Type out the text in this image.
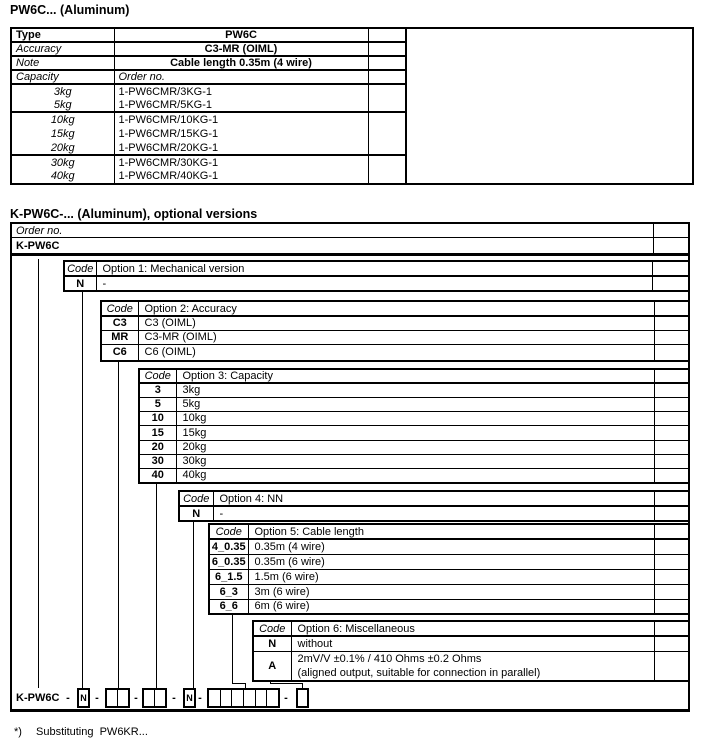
PW6C... (Aluminum)
Type	PW6C		
Accuracy	C3-MR (OIML)		
Note	Cable length 0.35m (4 wire)		
Capacity	Order no.		
3kg	1-PW6CMR/3KG-1		
5kg	1-PW6CMR/5KG-1		
10kg	1-PW6CMR/10KG-1		
15kg	1-PW6CMR/15KG-1		
20kg	1-PW6CMR/20KG-1		
30kg	1-PW6CMR/30KG-1		
40kg	1-PW6CMR/40KG-1		
K-PW6C-... (Aluminum), optional versions
Order no.
K-PW6C
Code	Option 1: Mechanical version	
N	-	
Code	Option 2: Accuracy	
C3	C3 (OIML)	
MR	C3-MR (OIML)	
C6	C6 (OIML)	
Code	Option 3: Capacity	
3	3kg	
5	5kg	
10	10kg	
15	15kg	
20	20kg	
30	30kg	
40	40kg	
Code	Option 4: NN	
N	-	
Code	Option 5: Cable length	
4_0.35	0.35m (4 wire)	
6_0.35	0.35m (6 wire)	
6_1.5	1.5m (6 wire)	
6_3	3m (6 wire)	
6_6	6m (6 wire)	
Code	Option 6: Miscellaneous	
N	without	
A	2mV/V ±0.1% / 410 Ohms ±0.2 Ohms
(aligned output, suitable for connection in parallel)	

K-PW6C -	N -	-	-	N -	-
*) Substituting  PW6KR...
